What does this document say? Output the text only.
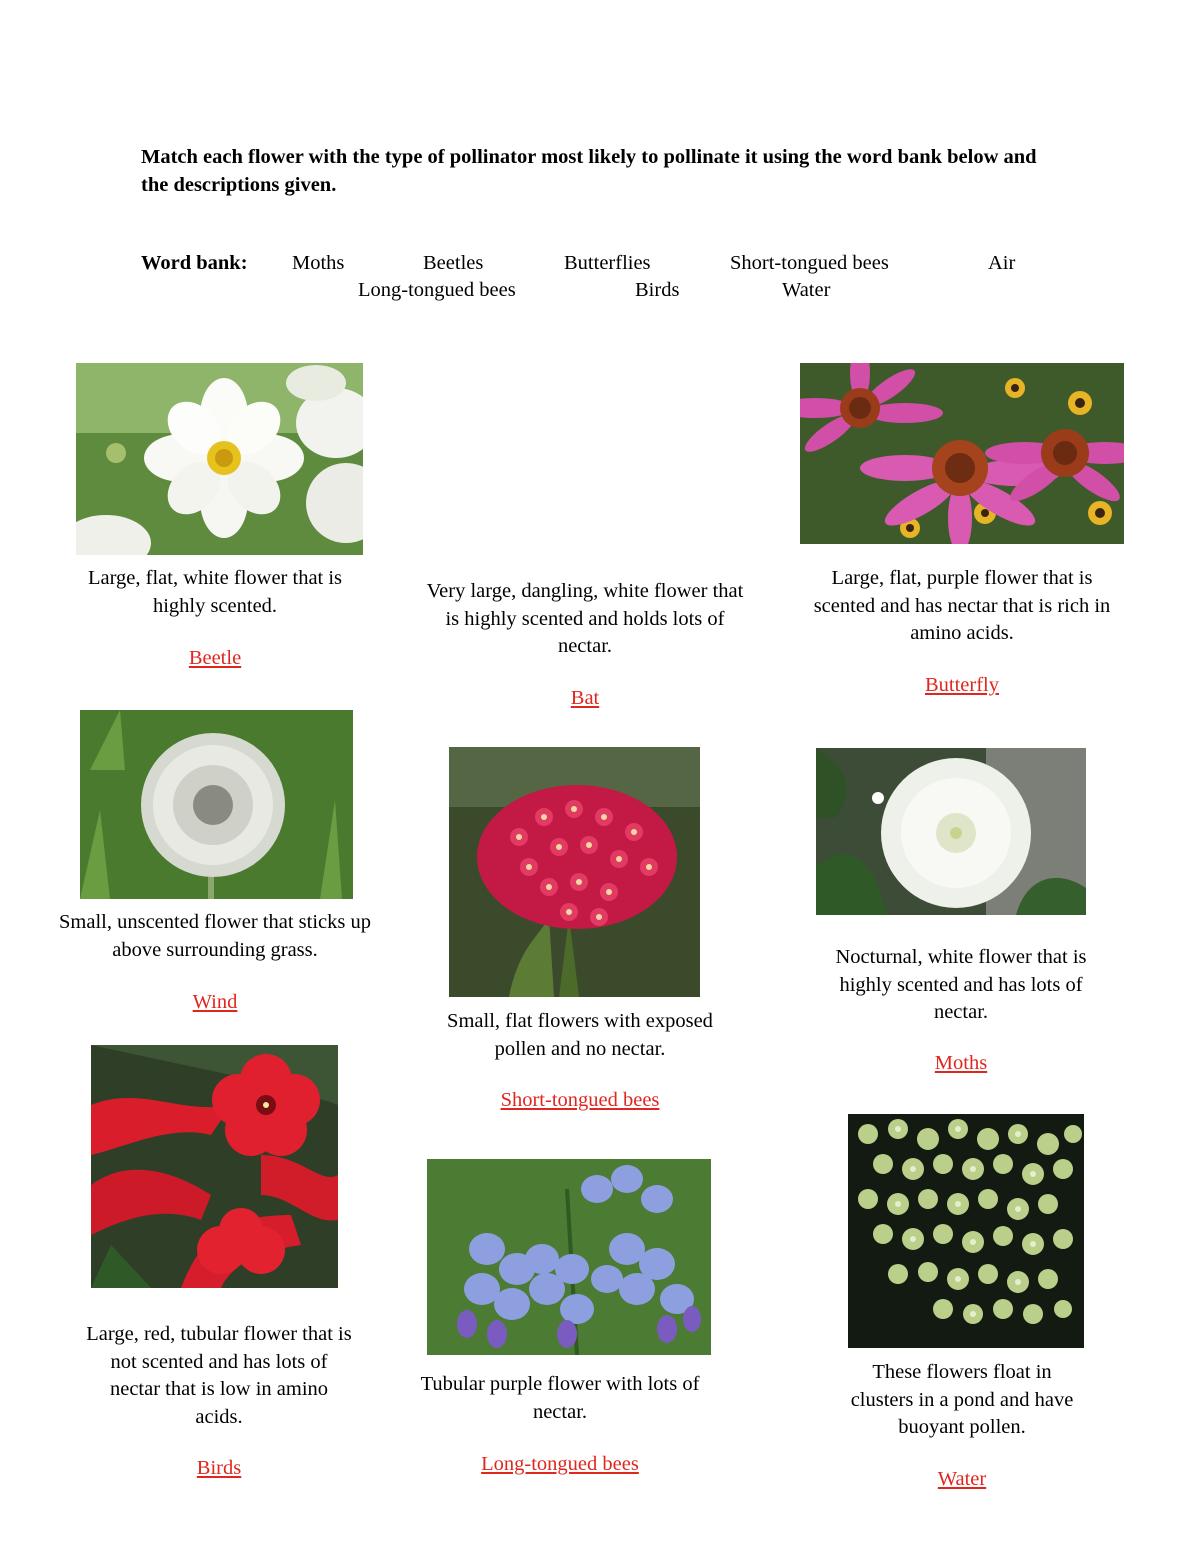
Match each flower with the type of pollinator most likely to pollinate it using the word bank below and the descriptions given.
Word bank: Moths	Beetles	Butterflies	Short-tongued bees	Air
Long-tongued bees	Birds	Water
Large, flat, white flower that is highly scented.
Beetle
Very large, dangling, white flower that is highly scented and holds lots of nectar.
Bat
Large, flat, purple flower that is scented and has nectar that is rich in amino acids.
Butterfly
Small, unscented flower that sticks up above surrounding grass.
Wind
Small, flat flowers with exposed pollen and no nectar.
Short-tongued bees
Nocturnal, white flower that is highly scented and has lots of nectar.
Moths
Large, red, tubular flower that is not scented and has lots of nectar that is low in amino acids.
Birds
Tubular purple flower with lots of nectar.
Long-tongued bees
These flowers float in clusters in a pond and have buoyant pollen.
Water
